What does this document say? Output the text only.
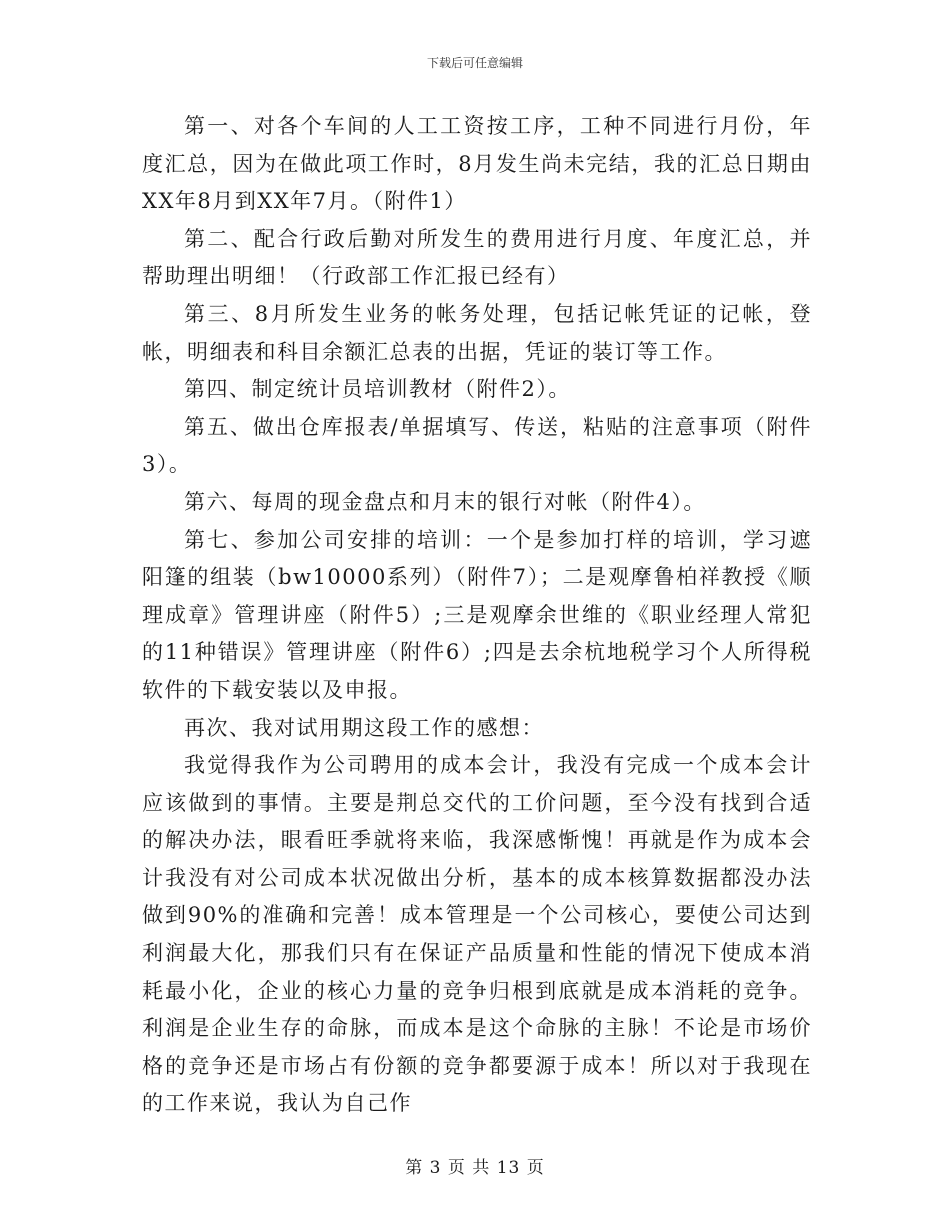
下载后可任意编辑

第一、对各个车间的人工工资按工序，工种不同进行月份，年度汇总，因为在做此项工作时，8月发生尚未完结，我的汇总日期由XX年8月到XX年7月。（附件1）

第二、配合行政后勤对所发生的费用进行月度、年度汇总，并帮助理出明细！（行政部工作汇报已经有）

第三、8月所发生业务的帐务处理，包括记帐凭证的记帐，登帐，明细表和科目余额汇总表的出据，凭证的装订等工作。

第四、制定统计员培训教材（附件2）。

第五、做出仓库报表/单据填写、传送，粘贴的注意事项（附件3）。

第六、每周的现金盘点和月末的银行对帐（附件4）。

第七、参加公司安排的培训：一个是参加打样的培训，学习遮阳篷的组装（bw10000系列）（附件7）；二是观摩鲁柏祥教授《顺理成章》管理讲座（附件5）;三是观摩余世维的《职业经理人常犯的11种错误》管理讲座（附件6）;四是去余杭地税学习个人所得税软件的下载安装以及申报。

再次、我对试用期这段工作的感想：

我觉得我作为公司聘用的成本会计，我没有完成一个成本会计应该做到的事情。主要是荆总交代的工价问题，至今没有找到合适的解决办法，眼看旺季就将来临，我深感惭愧！再就是作为成本会计我没有对公司成本状况做出分析，基本的成本核算数据都没办法做到90%的准确和完善！成本管理是一个公司核心，要使公司达到利润最大化，那我们只有在保证产品质量和性能的情况下使成本消耗最小化，企业的核心力量的竞争归根到底就是成本消耗的竞争。利润是企业生存的命脉，而成本是这个命脉的主脉！不论是市场价格的竞争还是市场占有份额的竞争都要源于成本！所以对于我现在的工作来说，我认为自己作

第 3 页 共 13 页
